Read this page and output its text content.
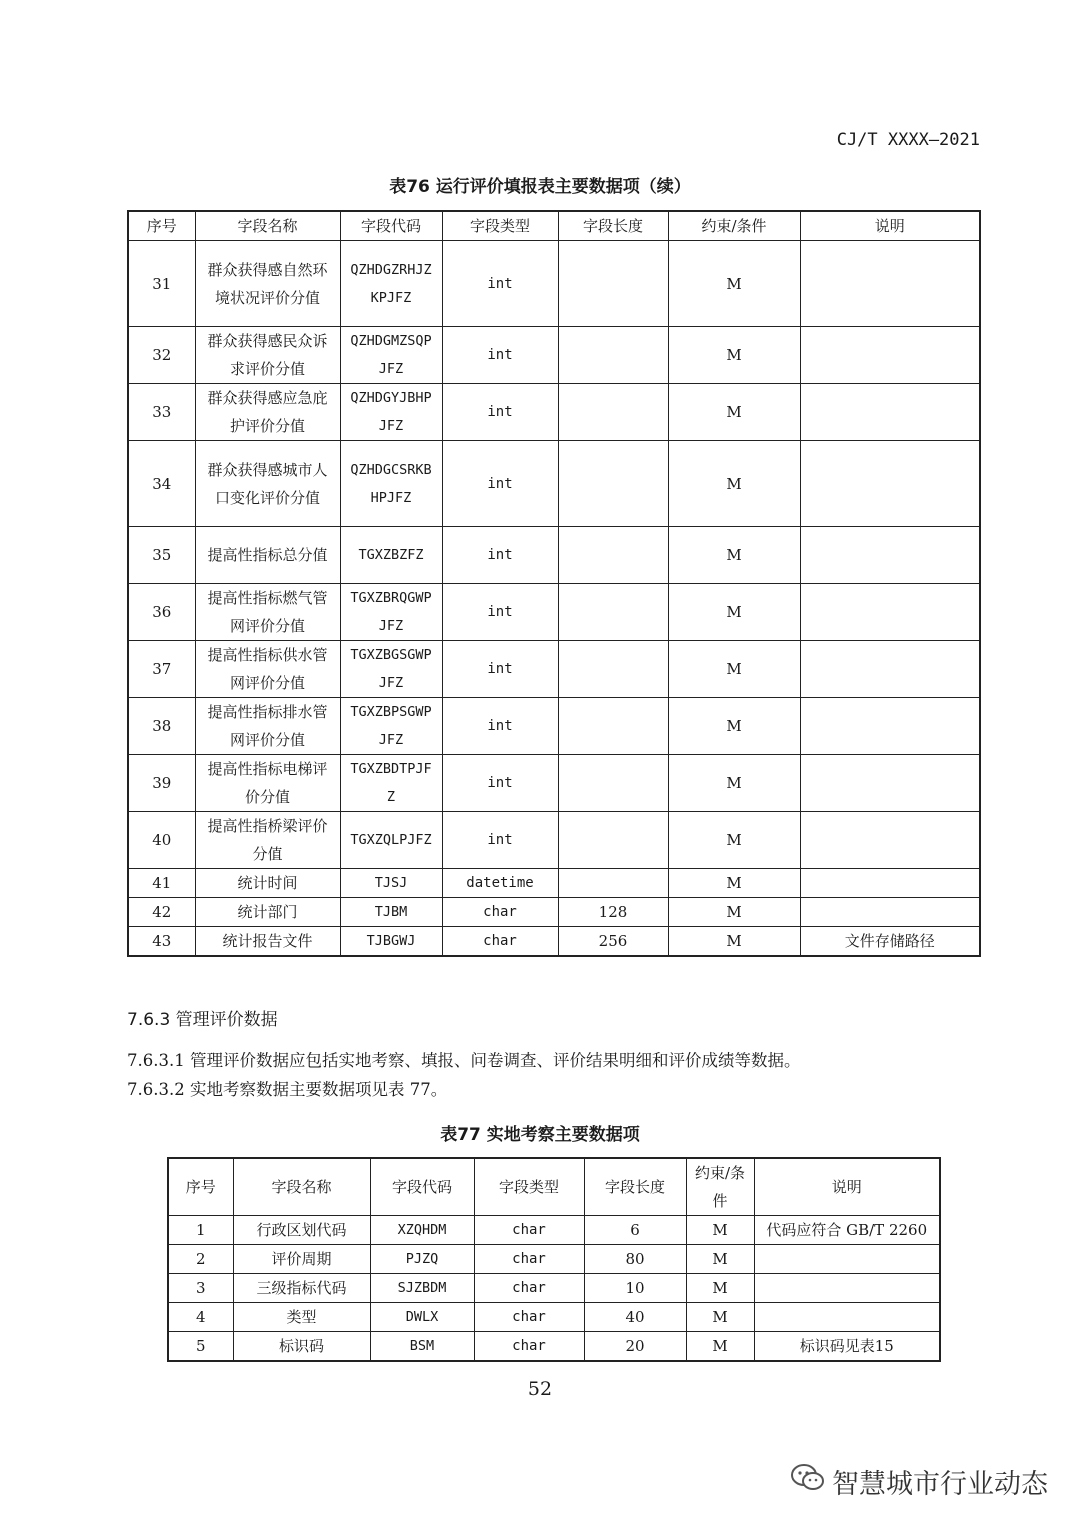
CJ/T XXXX—2021
表76 运行评价填报表主要数据项（续）
序号	字段名称	字段代码	字段类型	字段长度	约束/条件	说明
31	群众获得感自然环境状况评价分值	QZHDGZRHJZKPJFZ	int		M	
32	群众获得感民众诉求评价分值	QZHDGMZSQPJFZ	int		M	
33	群众获得感应急庇护评价分值	QZHDGYJBHPJFZ	int		M	
34	群众获得感城市人口变化评价分值	QZHDGCSRKBHPJFZ	int		M	
35	提高性指标总分值	TGXZBZFZ	int		M	
36	提高性指标燃气管网评价分值	TGXZBRQGWPJFZ	int		M	
37	提高性指标供水管网评价分值	TGXZBGSGWPJFZ	int		M	
38	提高性指标排水管网评价分值	TGXZBPSGWPJFZ	int		M	
39	提高性指标电梯评价分值	TGXZBDTPJFZ	int		M	
40	提高性指桥梁评价分值	TGXZQLPJFZ	int		M	
41	统计时间	TJSJ	datetime		M	
42	统计部门	TJBM	char	128	M	
43	统计报告文件	TJBGWJ	char	256	M	文件存储路径
7.6.3 管理评价数据
7.6.3.1 管理评价数据应包括实地考察、填报、问卷调查、评价结果明细和评价成绩等数据。
7.6.3.2 实地考察数据主要数据项见表 77。
表77 实地考察主要数据项
序号	字段名称	字段代码	字段类型	字段长度	约束/条件	说明
1	行政区划代码	XZQHDM	char	6	M	代码应符合 GB/T 2260
2	评价周期	PJZQ	char	80	M	
3	三级指标代码	SJZBDM	char	10	M	
4	类型	DWLX	char	40	M	
5	标识码	BSM	char	20	M	标识码见表15
52
智慧城市行业动态
